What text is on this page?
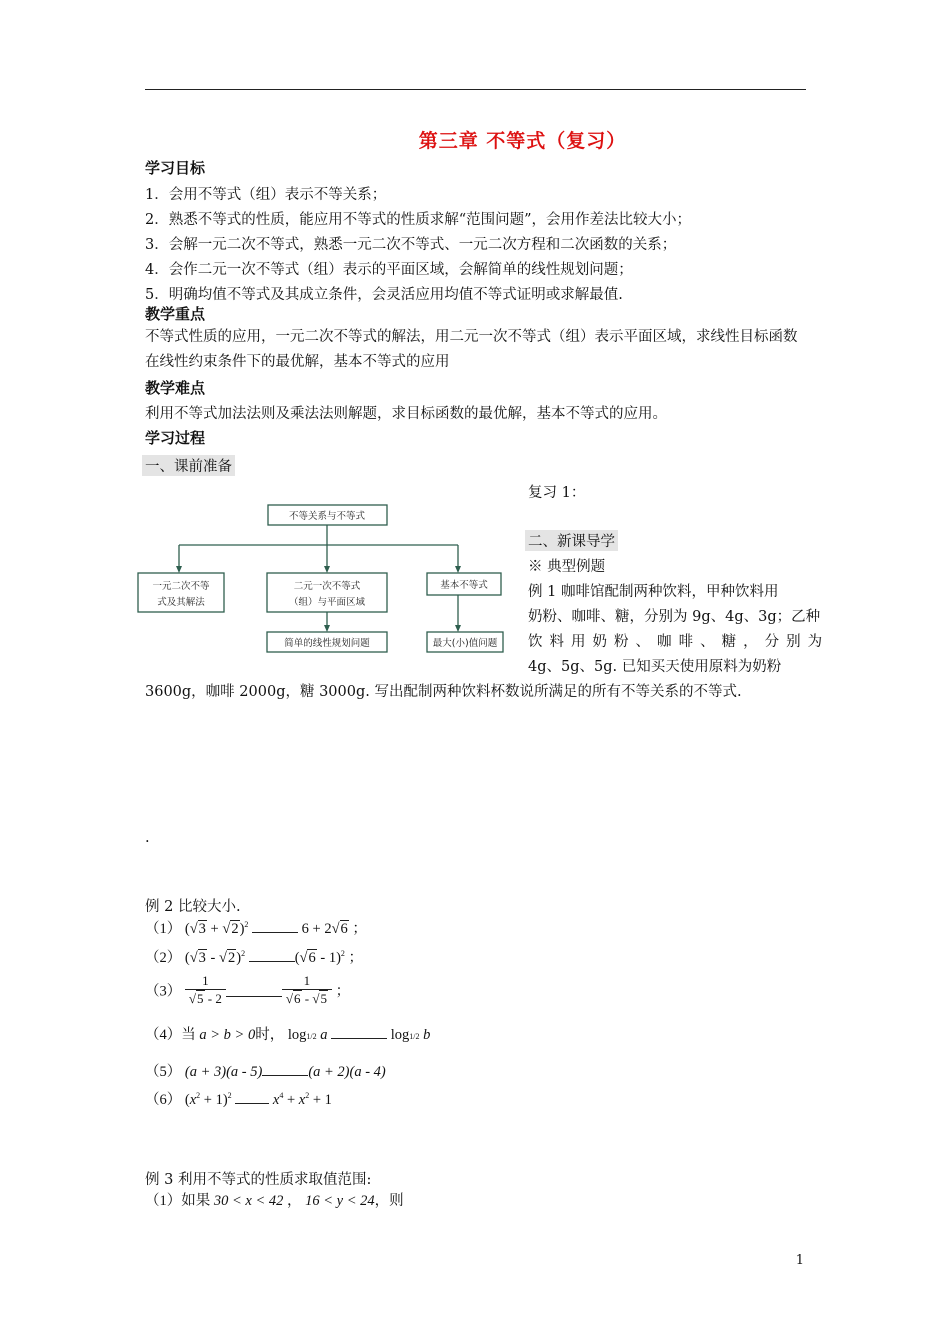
第三章 不等式（复习）
学习目标
1．会用不等式（组）表示不等关系；
2．熟悉不等式的性质，能应用不等式的性质求解“范围问题”，会用作差法比较大小；
3．会解一元二次不等式，熟悉一元二次不等式、一元二次方程和二次函数的关系；
4．会作二元一次不等式（组）表示的平面区域，会解简单的线性规划问题；
5．明确均值不等式及其成立条件，会灵活应用均值不等式证明或求解最值.
教学重点
不等式性质的应用，一元二次不等式的解法，用二元一次不等式（组）表示平面区域，求线性目标函数在线性约束条件下的最优解，基本不等式的应用
教学难点
利用不等式加法法则及乘法法则解题，求目标函数的最优解，基本不等式的应用。
学习过程
一、课前准备
不等关系与不等式
一元二次不等
式及其解法
二元一次不等式
（组）与平面区域
基本不等式
简单的线性规划问题	最大(小)值问题
复习 1：
二、新课导学
※ 典型例题
例 1 咖啡馆配制两种饮料，甲种饮料用
奶粉、咖啡、糖，分别为 9g、4g、3g；乙种
饮 料 用 奶 粉 、 咖 啡 、 糖 ， 分 别 为
4g、5g、5g. 已知买天使用原料为奶粉
3600g，咖啡 2000g，糖 3000g. 写出配制两种饮料杯数说所满足的所有不等关系的不等式.
.
例 2 比较大小.
（1） $(√3 + √2)^2$	6 + 2√6 ；
（2） (√3 - √2)$^2$	(√6 - 1)$^2$ ；
$(3) \frac{1}{√5 - 2}$	$\frac{1}{√6 - √5}$ ；
（4）当 a > b > 0时， log1/2 a	log1/2 b
（5） (a + 3)(a - 5)	(a + 2)(a - 4)
（6） $(x^2 + 1)^2$	$x^4 + x^2 + 1$
例 3 利用不等式的性质求取值范围:
（1）如果 30 < x < 42 ， 16 < y < 24，则
1
